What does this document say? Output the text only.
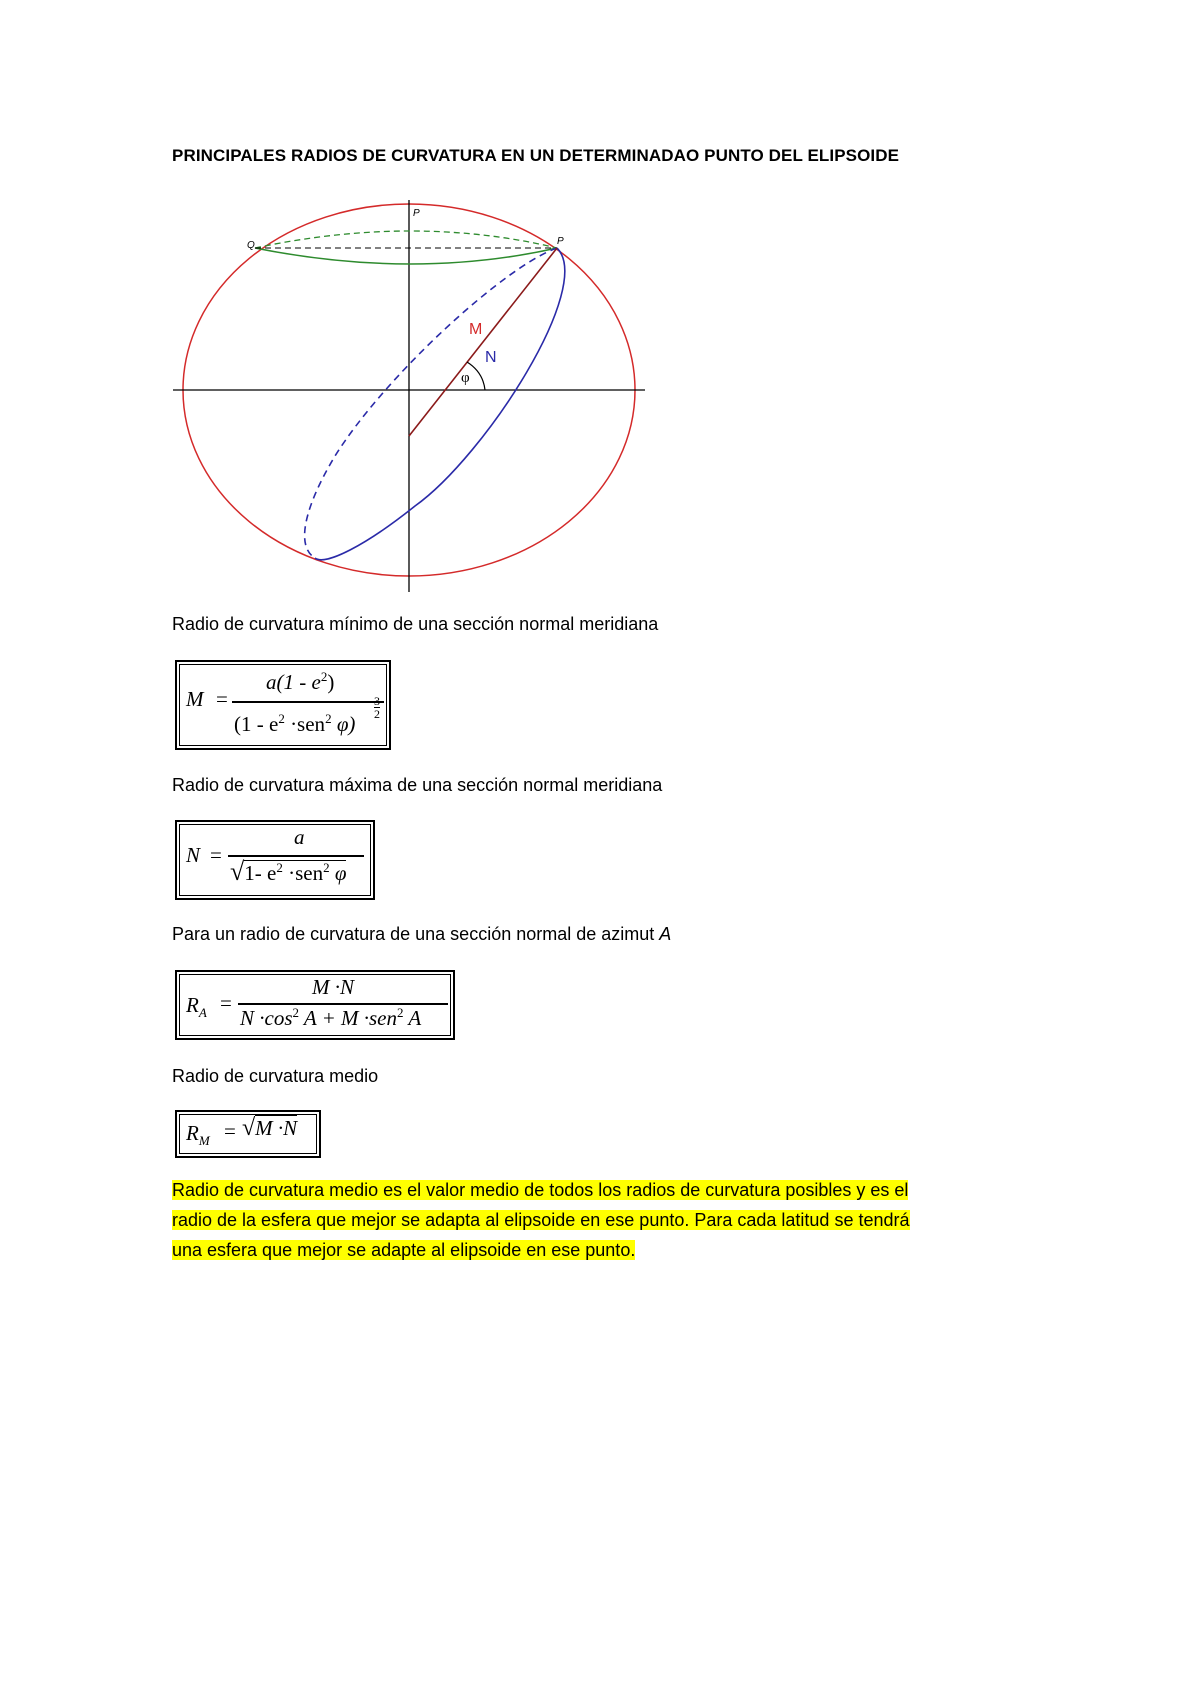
PRINCIPALES RADIOS DE CURVATURA EN UN DETERMINADAO PUNTO DEL ELIPSOIDE
P
Q	P
M
N
φ
Radio de curvatura mínimo de una sección normal meridiana
M =
$a(1 - e^2)$
($1 - e^2 \cdot sen^2$ φ)
3
2
Radio de curvatura máxima de una sección normal meridiana
N =
a
√1- $e^2 \cdot sen^2$ φ
Para un radio de curvatura de una sección normal de azimut A
$R_A$ =
M ·N
$N \cdot\cos^2$ A + M ·sen$^2$ A
Radio de curvatura medio
$R_M = √M \cdot N$
Radio de curvatura medio es el valor medio de todos los radios de curvatura posibles y es el
radio de la esfera que mejor se adapta al elipsoide en ese punto. Para cada latitud se tendrá
una esfera que mejor se adapte al elipsoide en ese punto.
